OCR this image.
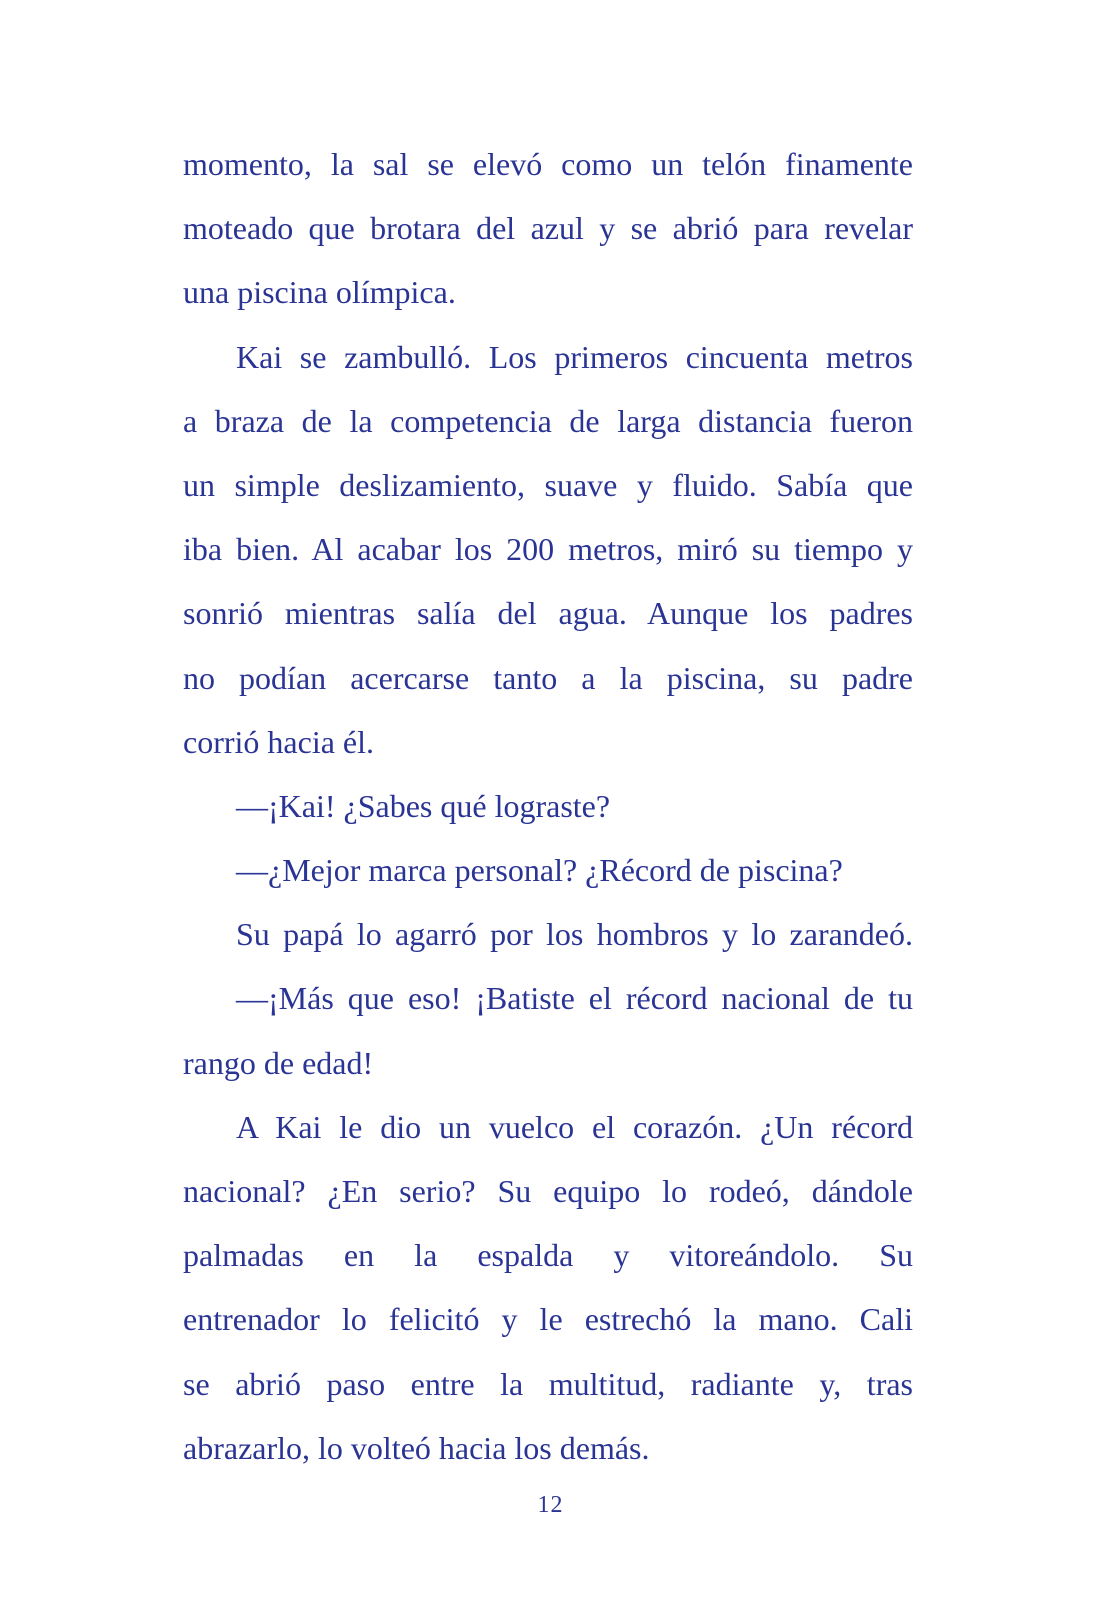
momento, la sal se elevó como un telón finamente
moteado que brotara del azul y se abrió para revelar
una piscina olímpica.
Kai se zambulló. Los primeros cincuenta metros
a braza de la competencia de larga distancia fueron
un simple deslizamiento, suave y fluido. Sabía que
iba bien. Al acabar los 200 metros, miró su tiempo y
sonrió mientras salía del agua. Aunque los padres
no podían acercarse tanto a la piscina, su padre
corrió hacia él.
—¡Kai! ¿Sabes qué lograste?
—¿Mejor marca personal? ¿Récord de piscina?
Su papá lo agarró por los hombros y lo zarandeó.
—¡Más que eso! ¡Batiste el récord nacional de tu
rango de edad!
A Kai le dio un vuelco el corazón. ¿Un récord
nacional? ¿En serio? Su equipo lo rodeó, dándole
palmadas en la espalda y vitoreándolo. Su
entrenador lo felicitó y le estrechó la mano. Cali
se abrió paso entre la multitud, radiante y, tras
abrazarlo, lo volteó hacia los demás.
12
